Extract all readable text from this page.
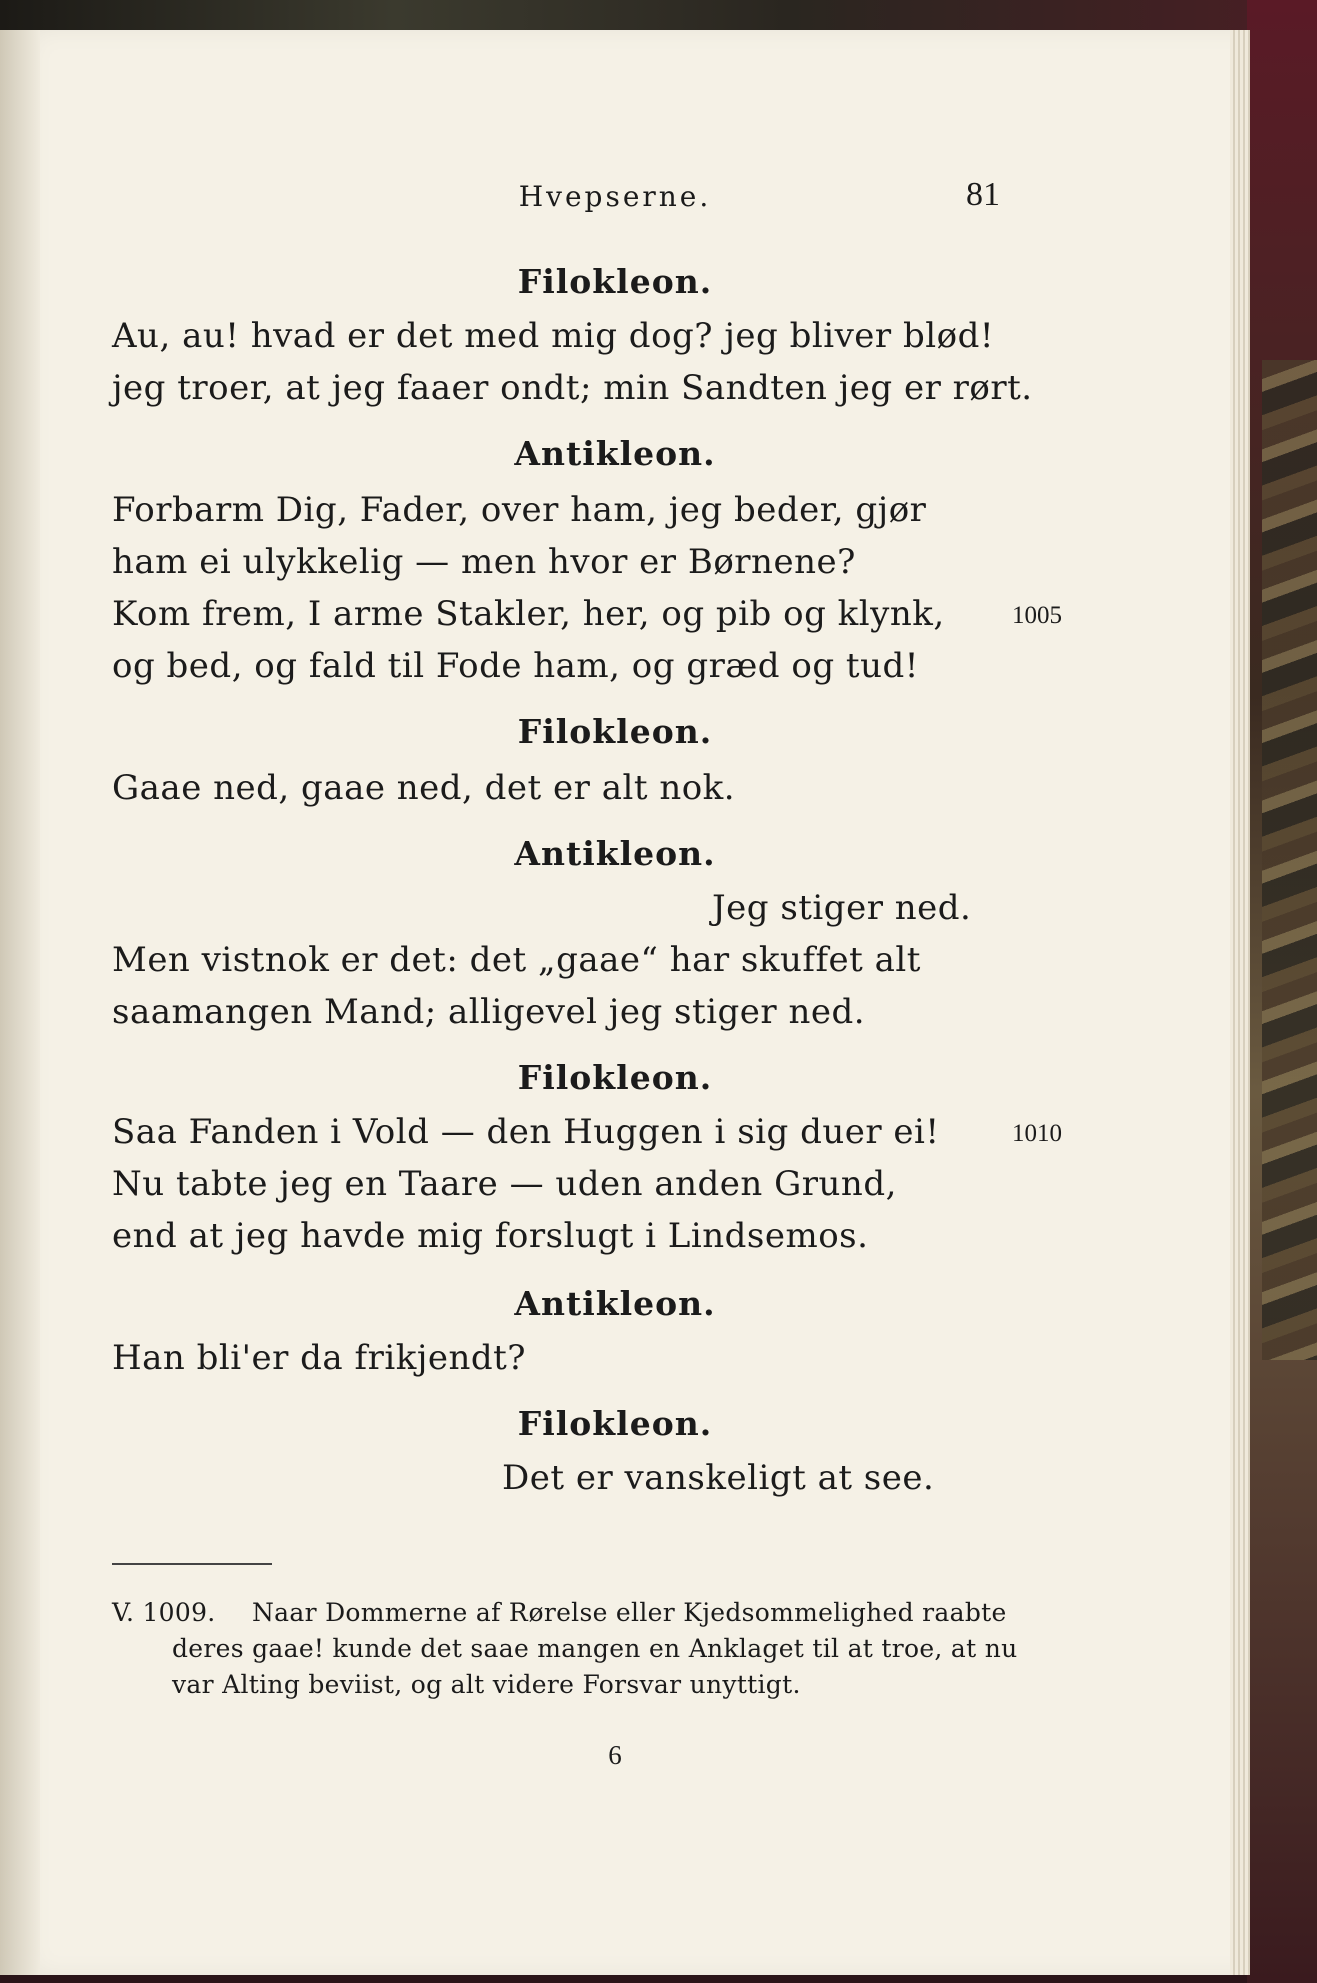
Hvepserne.	81
Filokleon.
Au, au! hvad er det med mig dog? jeg bliver blød!
jeg troer, at jeg faaer ondt; min Sandten jeg er rørt.
Antikleon.
Forbarm Dig, Fader, over ham, jeg beder, gjør
ham ei ulykkelig — men hvor er Børnene?
Kom frem, I arme Stakler, her, og pib og klynk,	1005
og bed, og fald til Fode ham, og græd og tud!
Filokleon.
Gaae ned, gaae ned, det er alt nok.
Antikleon.
Jeg stiger ned.
Men vistnok er det: det „gaae“ har skuffet alt
saamangen Mand; alligevel jeg stiger ned.
Filokleon.
Saa Fanden i Vold — den Huggen i sig duer ei!	1010
Nu tabte jeg en Taare — uden anden Grund,
end at jeg havde mig forslugt i Lindsemos.
Antikleon.
Han bli'er da frikjendt?
Filokleon.
Det er vanskeligt at see.
V. 1009. Naar Dommerne af Rørelse eller Kjedsommelighed raabte
deres gaae! kunde det saae mangen en Anklaget til at troe, at nu
var Alting beviist, og alt videre Forsvar unyttigt.
6
